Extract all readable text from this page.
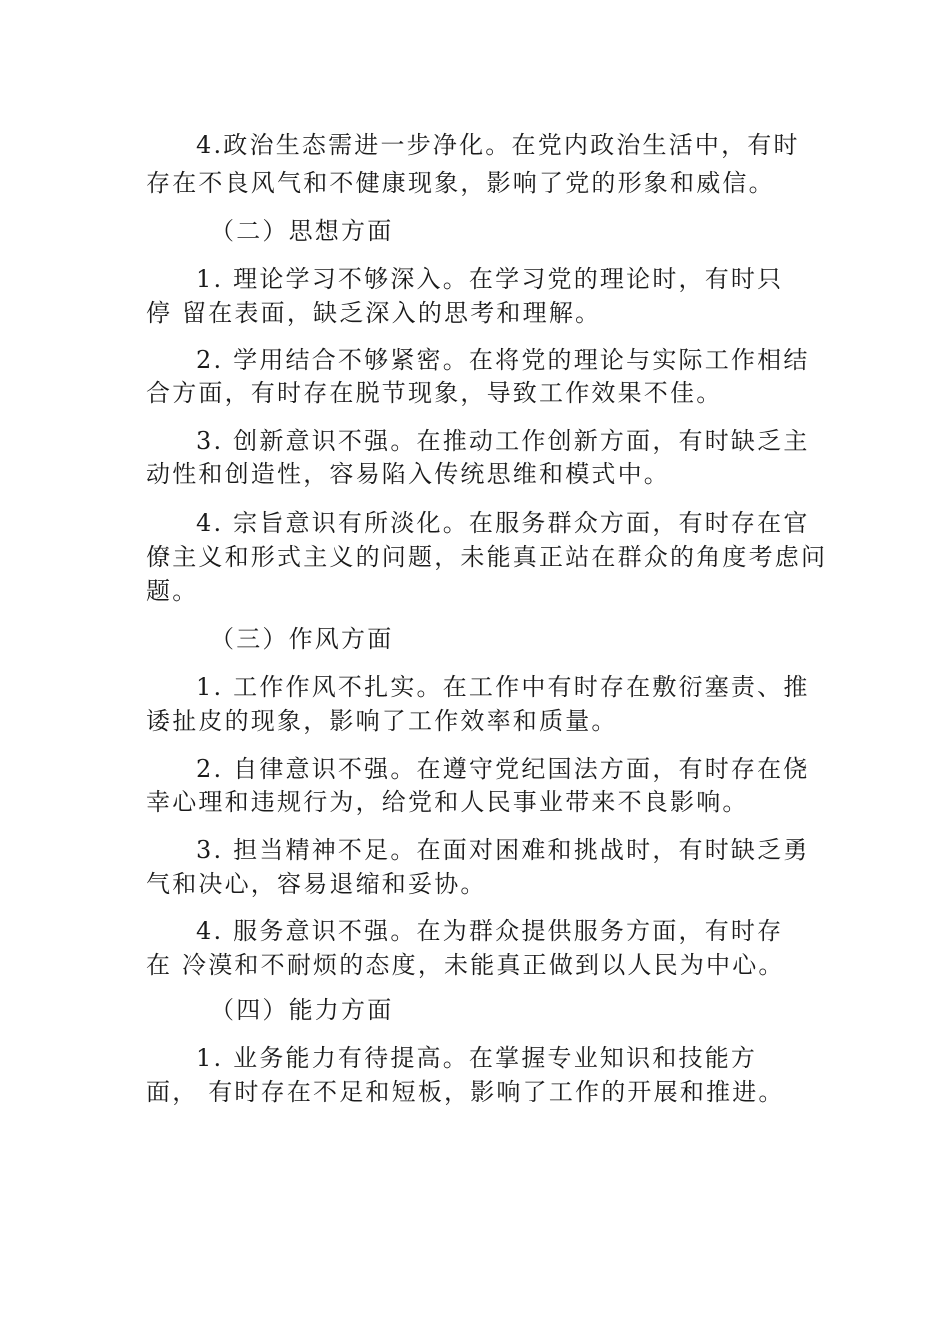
4.政治生态需进一步净化。在党内政治生活中，有时
存在不良风气和不健康现象，影响了党的形象和威信。
（二）思想方面
1. 理论学习不够深入。在学习党的理论时，有时只
停 留在表面，缺乏深入的思考和理解。
2. 学用结合不够紧密。在将党的理论与实际工作相结
合方面，有时存在脱节现象，导致工作效果不佳。
3. 创新意识不强。在推动工作创新方面，有时缺乏主
动性和创造性，容易陷入传统思维和模式中。
4. 宗旨意识有所淡化。在服务群众方面，有时存在官
僚主义和形式主义的问题，未能真正站在群众的角度考虑问
题。
（三）作风方面
1. 工作作风不扎实。在工作中有时存在敷衍塞责、推
诿扯皮的现象，影响了工作效率和质量。
2. 自律意识不强。在遵守党纪国法方面，有时存在侥
幸心理和违规行为，给党和人民事业带来不良影响。
3. 担当精神不足。在面对困难和挑战时，有时缺乏勇
气和决心，容易退缩和妥协。
4. 服务意识不强。在为群众提供服务方面，有时存
在 冷漠和不耐烦的态度，未能真正做到以人民为中心。
（四）能力方面
1. 业务能力有待提高。在掌握专业知识和技能方
面， 有时存在不足和短板，影响了工作的开展和推进。
